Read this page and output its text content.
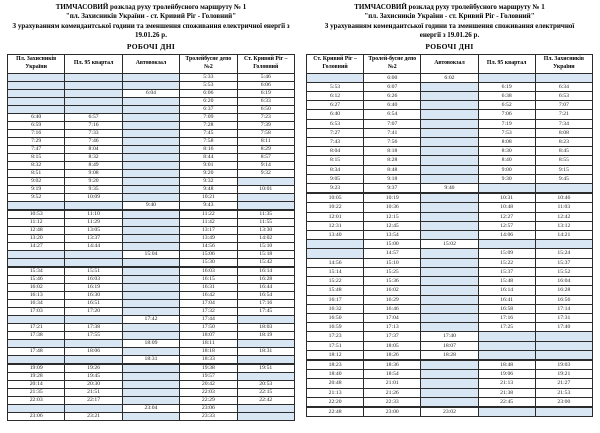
ТИМЧАСОВИЙ розклад руху тролейбусного маршруту № 1
"пл. Захисників України - ст. Кривий Ріг - Головний"
З урахуванням комендантської години та зменшення споживання електричної енергії з
19.01.26 р.
РОБОЧІ ДНІ
Пл. Захисників України	Пл. 95 квартал	Автовокзал	Тролейбусне депо №2	Ст. Кривий Ріг – Головний
			5:33	5:46
			5:53	6:06
		6:04	6:06	6:19
			6:20	6:33
			6:37	6:50
6:40	6:57		7:09	7:23
6:59	7:16		7:28	7:39
7:16	7:33		7:45	7:58
7:29	7:46		7:58	8:11
7:47	8:04		8:16	8:29
8:15	8:32		8:44	8:57
8:32	8:49		9:01	9:14
8:51	9:08		9:20	9:32
9:02	9:20		9:32	
9:19	9:35		9:48	10:01
9:52	10:09		10:21	
		9:40	9:43	
10:53	11:10		11:22	11:35
11:12	11:29		11:42	11:55
12:48	13:05		13:17	13:30
13:20	13:37		13:49	14:02
14:27	14:44		14:56	15:10
		15:04	15:06	15:18
			15:30	15:42
15:34	15:51		16:03	16:14
15:46	16:03		16:15	16:28
16:02	16:19		16:31	16:44
16:13	16:30		16:42	16:54
16:34	16:51		17:04	17:16
17:03	17:20		17:32	17:45
		17:42	17:44	
17:21	17:38		17:50	18:03
17:38	17:55		18:07	18:19
		18:09	18:11	
17:48	18:06		18:18	18:31
		18:31	18:33	
19:09	19:26		19:38	19:51
19:28	19:45		19:57	
20:14	20:30		20:42	20:53
21:35	21:51		22:03	22:15
22:03	22:17		22:29	22:42
		23:04	23:06	
23:06	23:21		23:33	
ТИМЧАСОВИЙ розклад руху тролейбусного маршруту № 1
"пл. Захисників України - ст. Кривий Ріг - Головний"
З урахуванням комендантської години та зменшення споживання електричної
енергії з 19.01.26 р.
РОБОЧІ ДНІ
Ст. Кривий Ріг – Головний	Тролей-бусне депо №2	Автовокзал	Пл. 95 квартал	Пл. Захисників України
	6:00	6:02		
5:53	6:07		6:19	6:34
6:12	6:26		6:38	6:53
6:27	6:40		6:52	7:07
6:40	6:54		7:06	7:21
6:53	7:07		7:19	7:34
7:27	7:41		7:53	8:08
7:43	7:56		8:08	8:23
8:04	8:18		8:30	8:45
8:15	8:28		8:40	8:55
8:34	8:48		9:00	9:15
9:05	9:18		9:30	9:45
9:23	9:37	9:40		
10:05	10:19		10:31	10:46
10:22	10:36		10:48	11:03
12:01	12:15		12:27	12:42
12:31	12:45		12:57	13:12
13:40	13:54		14:06	14:21
	15:00	15:02		
	14:57		15:09	15:24
14:56	15:10		15:22	15:37
15:14	15:25		15:37	15:52
15:22	15:36		15:48	16:04
15:48	16:02		16:14	16:28
16:17	16:29		16:41	16:56
16:32	16:46		16:58	17:14
16:50	17:04		17:16	17:31
16:59	17:13		17:25	17:40
17:23	17:37	17:40		
17:51	18:05	18:07		
18:12	18:26	18:28		
18:23	18:36		18:48	19:03
18:40	18:54		19:06	19:21
20:48	21:01		21:13	21:27
21:13	21:26		21:38	21:53
22:20	22:33		22:45	23:00
22:48	23:00	23:02		
